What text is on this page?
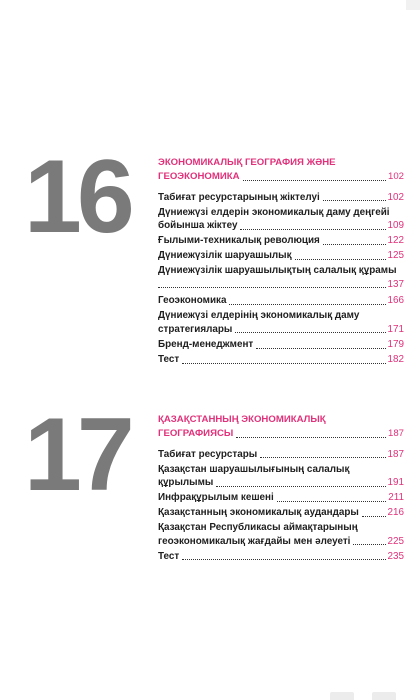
16	ЭКОНОМИКАЛЫҚ ГЕОГРАФИЯ ЖӘНЕ
ГЕОЭКОНОМИКА	102
Табиғат ресурстарының жіктелуі	102
Дүниежүзі елдерін экономикалық даму деңгейі
бойынша жіктеу	109
Ғылыми-техникалық революция	122
Дүниежүзілік шаруашылық	125
Дүниежүзілік шаруашылықтың салалық құрамы
137
Геоэкономика	166
Дүниежүзі елдерінің экономикалық даму
стратегиялары	171
Бренд-менеджмент	179
Тест	182
17	ҚАЗАҚСТАННЫҢ ЭКОНОМИКАЛЫҚ
ГЕОГРАФИЯСЫ	187
Табиғат ресурстары	187
Қазақстан шаруашылығының салалық
құрылымы	191
Инфрақұрылым кешені	211
Қазақстанның экономикалық аудандары	216
Қазақстан Республикасы аймақтарының
геоэкономикалық жағдайы мен әлеуеті	225
Тест	235
